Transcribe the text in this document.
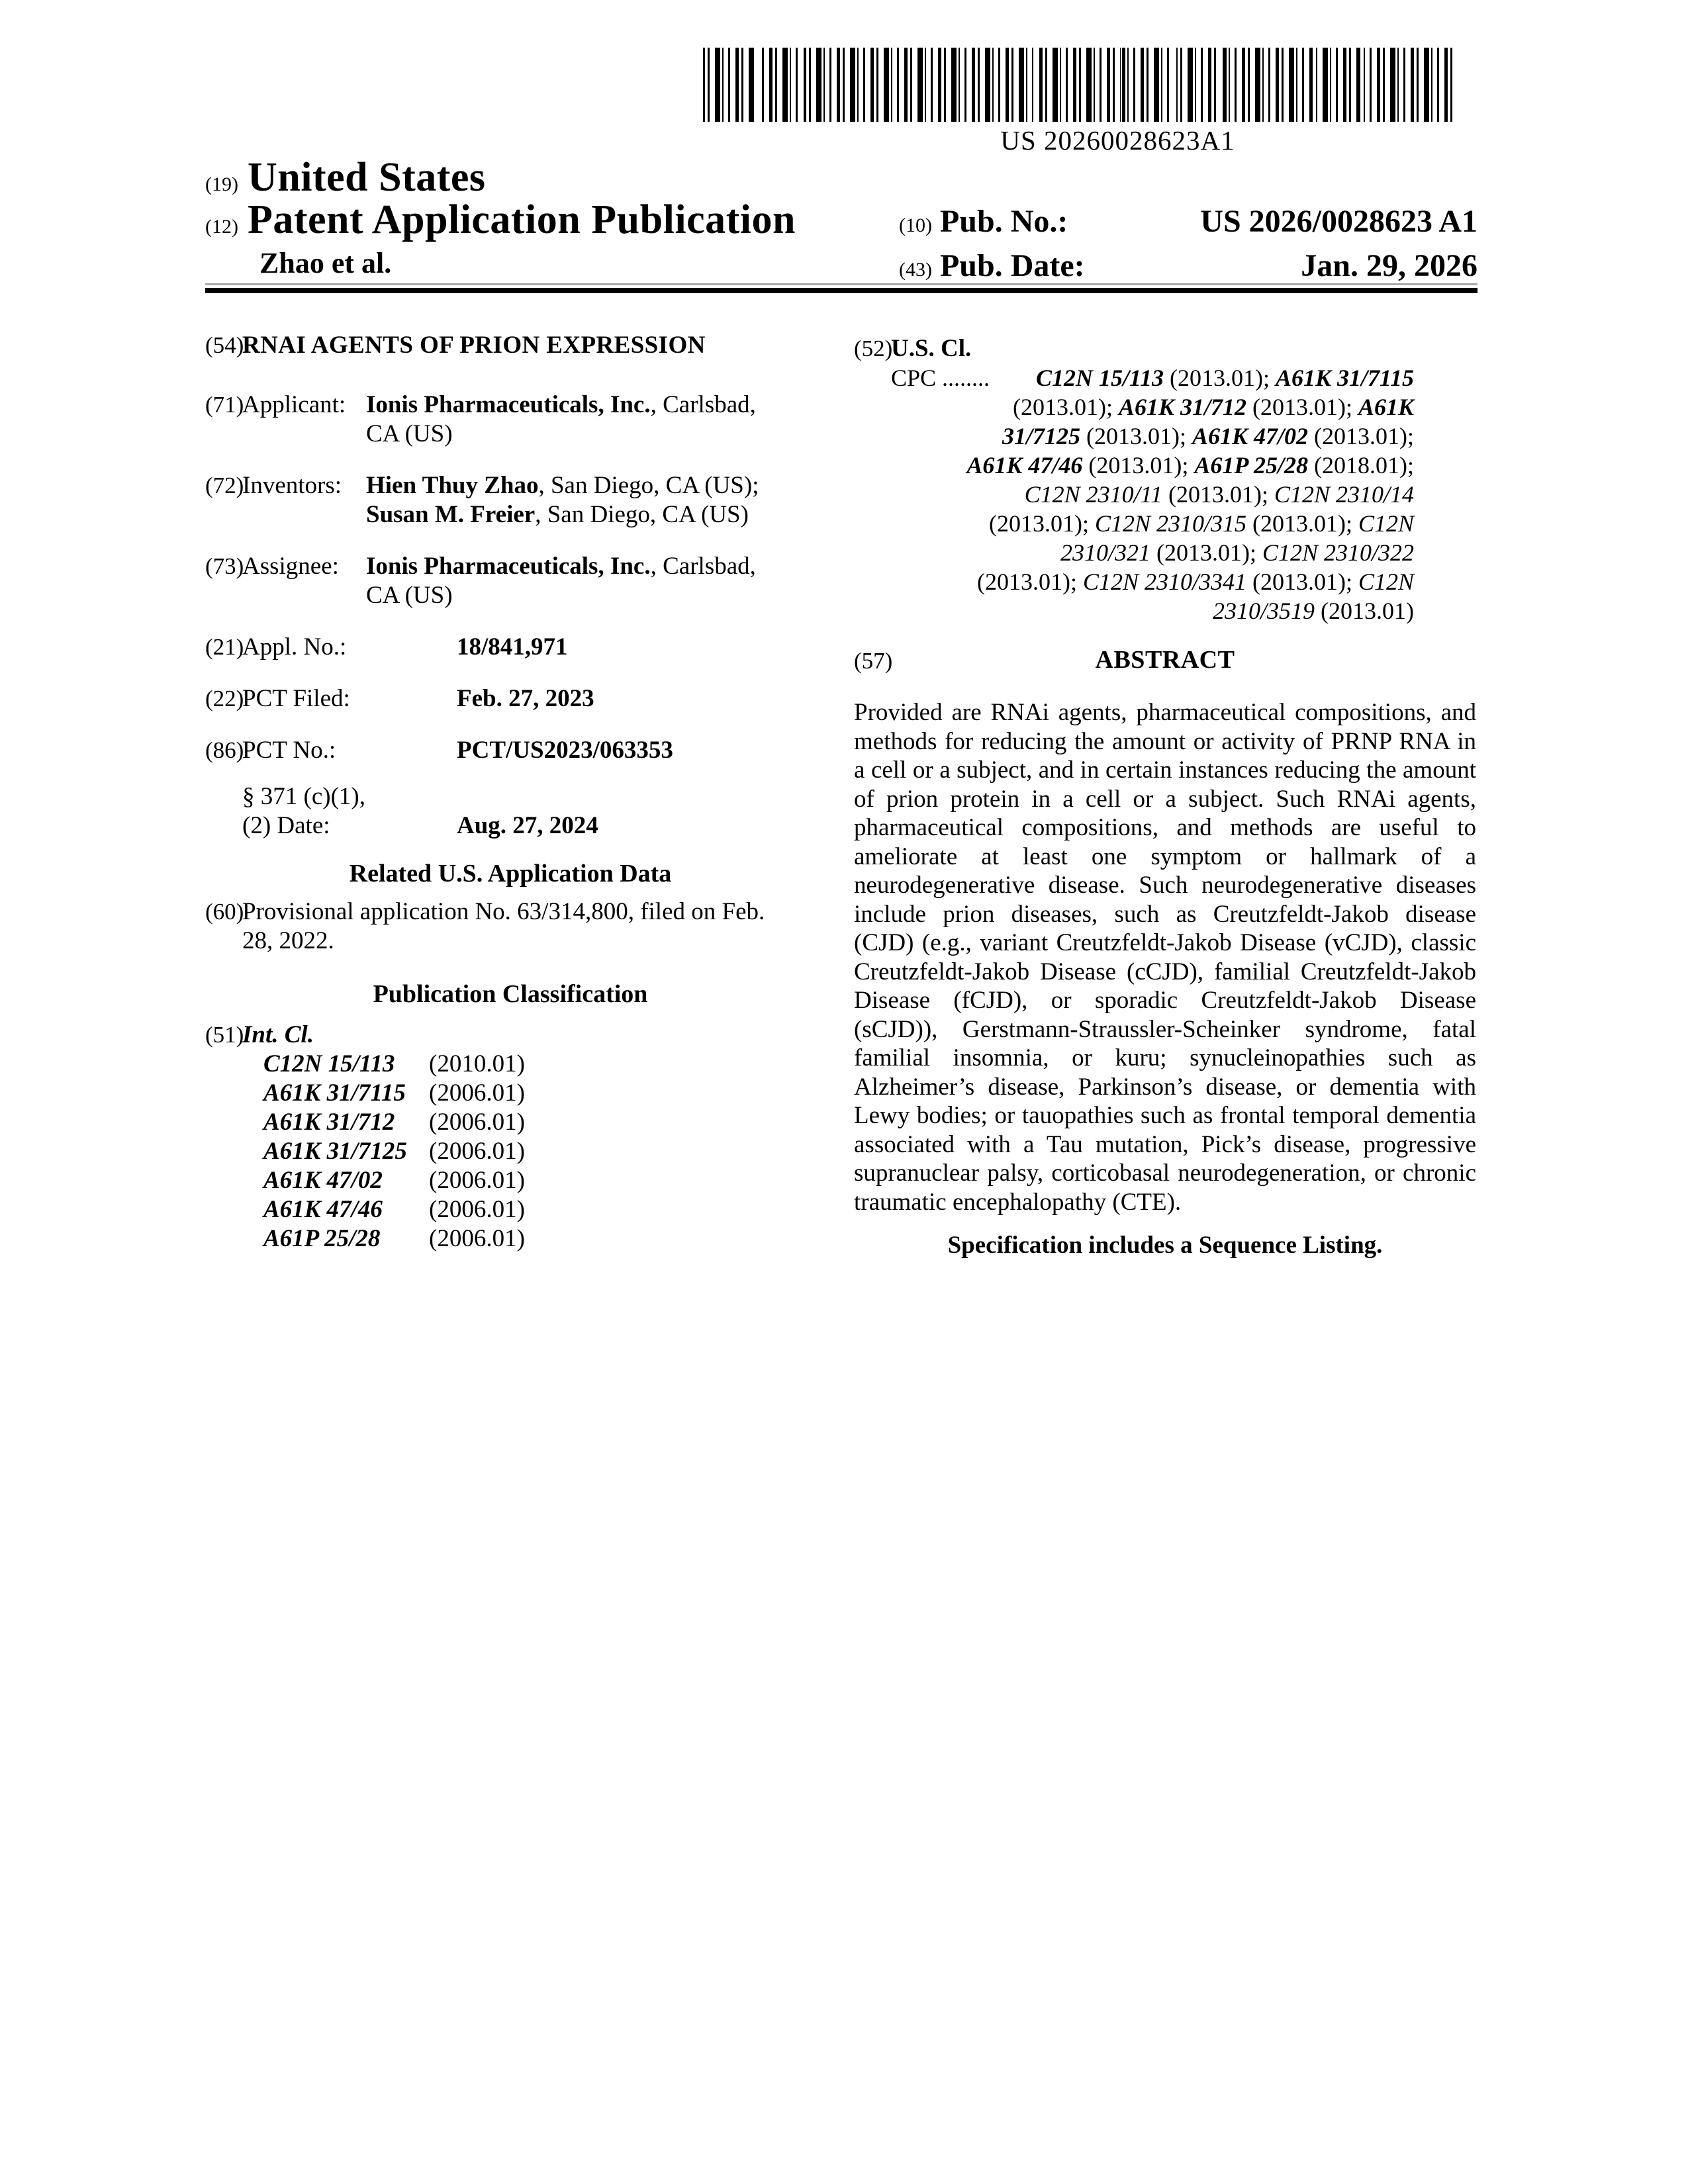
US 20260028623A1
(19) United States
(12) Patent Application Publication
Zhao et al.
(10) Pub. No.:	US 2026/0028623 A1
(43) Pub. Date:	Jan. 29, 2026
(54)
RNAI AGENTS OF PRION EXPRESSION
(71)
Applicant: Ionis Pharmaceuticals, Inc., Carlsbad,
CA (US)
(72)
Inventors: Hien Thuy Zhao, San Diego, CA (US);
Susan M. Freier, San Diego, CA (US)
(73)
Assignee:	Ionis Pharmaceuticals, Inc., Carlsbad,
CA (US)
(21)
Appl. No.:	18/841,971
(22)
PCT Filed:	Feb. 27, 2023
(86)
PCT No.:	PCT/US2023/063353
§ 371 (c)(1),
(2) Date:	Aug. 27, 2024
Related U.S. Application Data
(60)
Provisional application No. 63/314,800, filed on Feb.
28, 2022.
Publication Classification
(51)
Int. Cl.
C12N 15/113	(2010.01)
A61K 31/7115 (2006.01)
A61K 31/712	(2006.01)
A61K 31/7125 (2006.01)
A61K 47/02	(2006.01)
A61K 47/46	(2006.01)
A61P 25/28	(2006.01)
(52)
U.S. Cl.
CPC ........ C12N 15/113 (2013.01); A61K 31/7115
(2013.01); A61K 31/712 (2013.01); A61K
31/7125 (2013.01); A61K 47/02 (2013.01);
A61K 47/46 (2013.01); A61P 25/28 (2018.01);
C12N 2310/11 (2013.01); C12N 2310/14
(2013.01); C12N 2310/315 (2013.01); C12N
2310/321 (2013.01); C12N 2310/322
(2013.01); C12N 2310/3341 (2013.01); C12N
2310/3519 (2013.01)
(57)	ABSTRACT
Provided are RNAi agents, pharmaceutical compositions, and methods for reducing the amount or activity of PRNP RNA in a cell or a subject, and in certain instances reducing the amount of prion protein in a cell or a subject. Such RNAi agents, pharmaceutical compositions, and methods are useful to ameliorate at least one symptom or hallmark of a neurodegenerative disease. Such neurodegenerative diseases include prion diseases, such as Creutzfeldt-Jakob disease (CJD) (e.g., variant Creutzfeldt-Jakob Disease (vCJD), classic Creutzfeldt-Jakob Disease (cCJD), familial Creutzfeldt-Jakob Disease (fCJD), or sporadic Creutzfeldt-Jakob Disease (sCJD)), Gerstmann-Straussler-Scheinker syndrome, fatal familial insomnia, or kuru; synucleinopathies such as Alzheimer’s disease, Parkinson’s disease, or dementia with Lewy bodies; or tauopathies such as frontal temporal dementia associated with a Tau mutation, Pick’s disease, progressive supranuclear palsy, corticobasal neurodegeneration, or chronic traumatic encephalopathy (CTE).
Specification includes a Sequence Listing.
